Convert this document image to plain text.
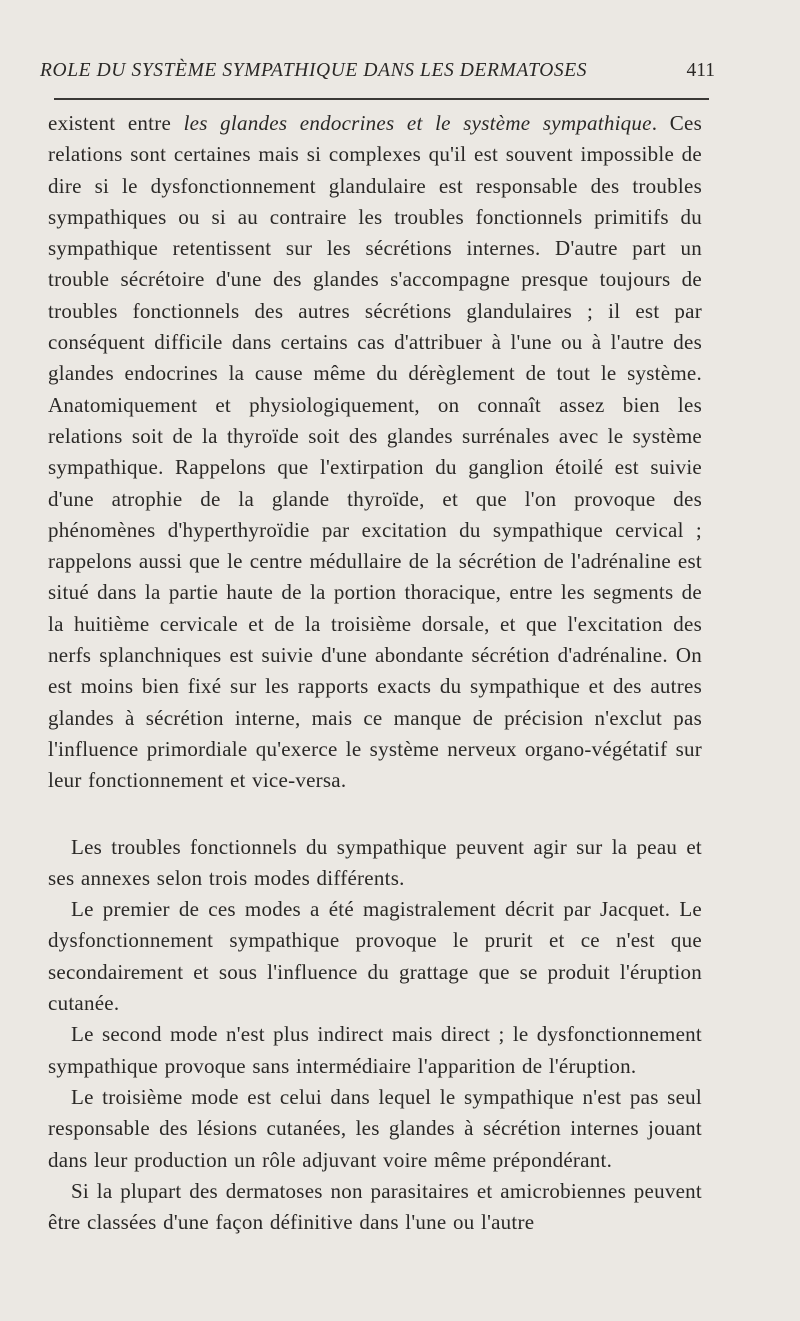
ROLE DU SYSTÈME SYMPATHIQUE DANS LES DERMATOSES	411

existent entre les glandes endocrines et le système sympathique. Ces relations sont certaines mais si complexes qu'il est souvent impossible de dire si le dysfonctionnement glandulaire est responsable des troubles sympathiques ou si au contraire les troubles fonctionnels primitifs du sympathique retentissent sur les sécrétions internes. D'autre part un trouble sécrétoire d'une des glandes s'accompagne presque toujours de troubles fonctionnels des autres sécrétions glandulaires ; il est par conséquent difficile dans certains cas d'attribuer à l'une ou à l'autre des glandes endocrines la cause même du dérèglement de tout le système. Anatomiquement et physiologiquement, on connaît assez bien les relations soit de la thyroïde soit des glandes surrénales avec le système sympathique. Rappelons que l'extirpation du ganglion étoilé est suivie d'une atrophie de la glande thyroïde, et que l'on provoque des phénomènes d'hyperthyroïdie par excitation du sympathique cervical ; rappelons aussi que le centre médullaire de la sécrétion de l'adrénaline est situé dans la partie haute de la portion thoracique, entre les segments de la huitième cervicale et de la troisième dorsale, et que l'excitation des nerfs splanchniques est suivie d'une abondante sécrétion d'adrénaline. On est moins bien fixé sur les rapports exacts du sympathique et des autres glandes à sécrétion interne, mais ce manque de précision n'exclut pas l'influence primordiale qu'exerce le système nerveux organo-végétatif sur leur fonctionnement et vice-versa.

Les troubles fonctionnels du sympathique peuvent agir sur la peau et ses annexes selon trois modes différents.

Le premier de ces modes a été magistralement décrit par Jacquet. Le dysfonctionnement sympathique provoque le prurit et ce n'est que secondairement et sous l'influence du grattage que se produit l'éruption cutanée.

Le second mode n'est plus indirect mais direct ; le dysfonctionnement sympathique provoque sans intermédiaire l'apparition de l'éruption.

Le troisième mode est celui dans lequel le sympathique n'est pas seul responsable des lésions cutanées, les glandes à sécrétion internes jouant dans leur production un rôle adjuvant voire même prépondérant.

Si la plupart des dermatoses non parasitaires et amicrobiennes peuvent être classées d'une façon définitive dans l'une ou l'autre
